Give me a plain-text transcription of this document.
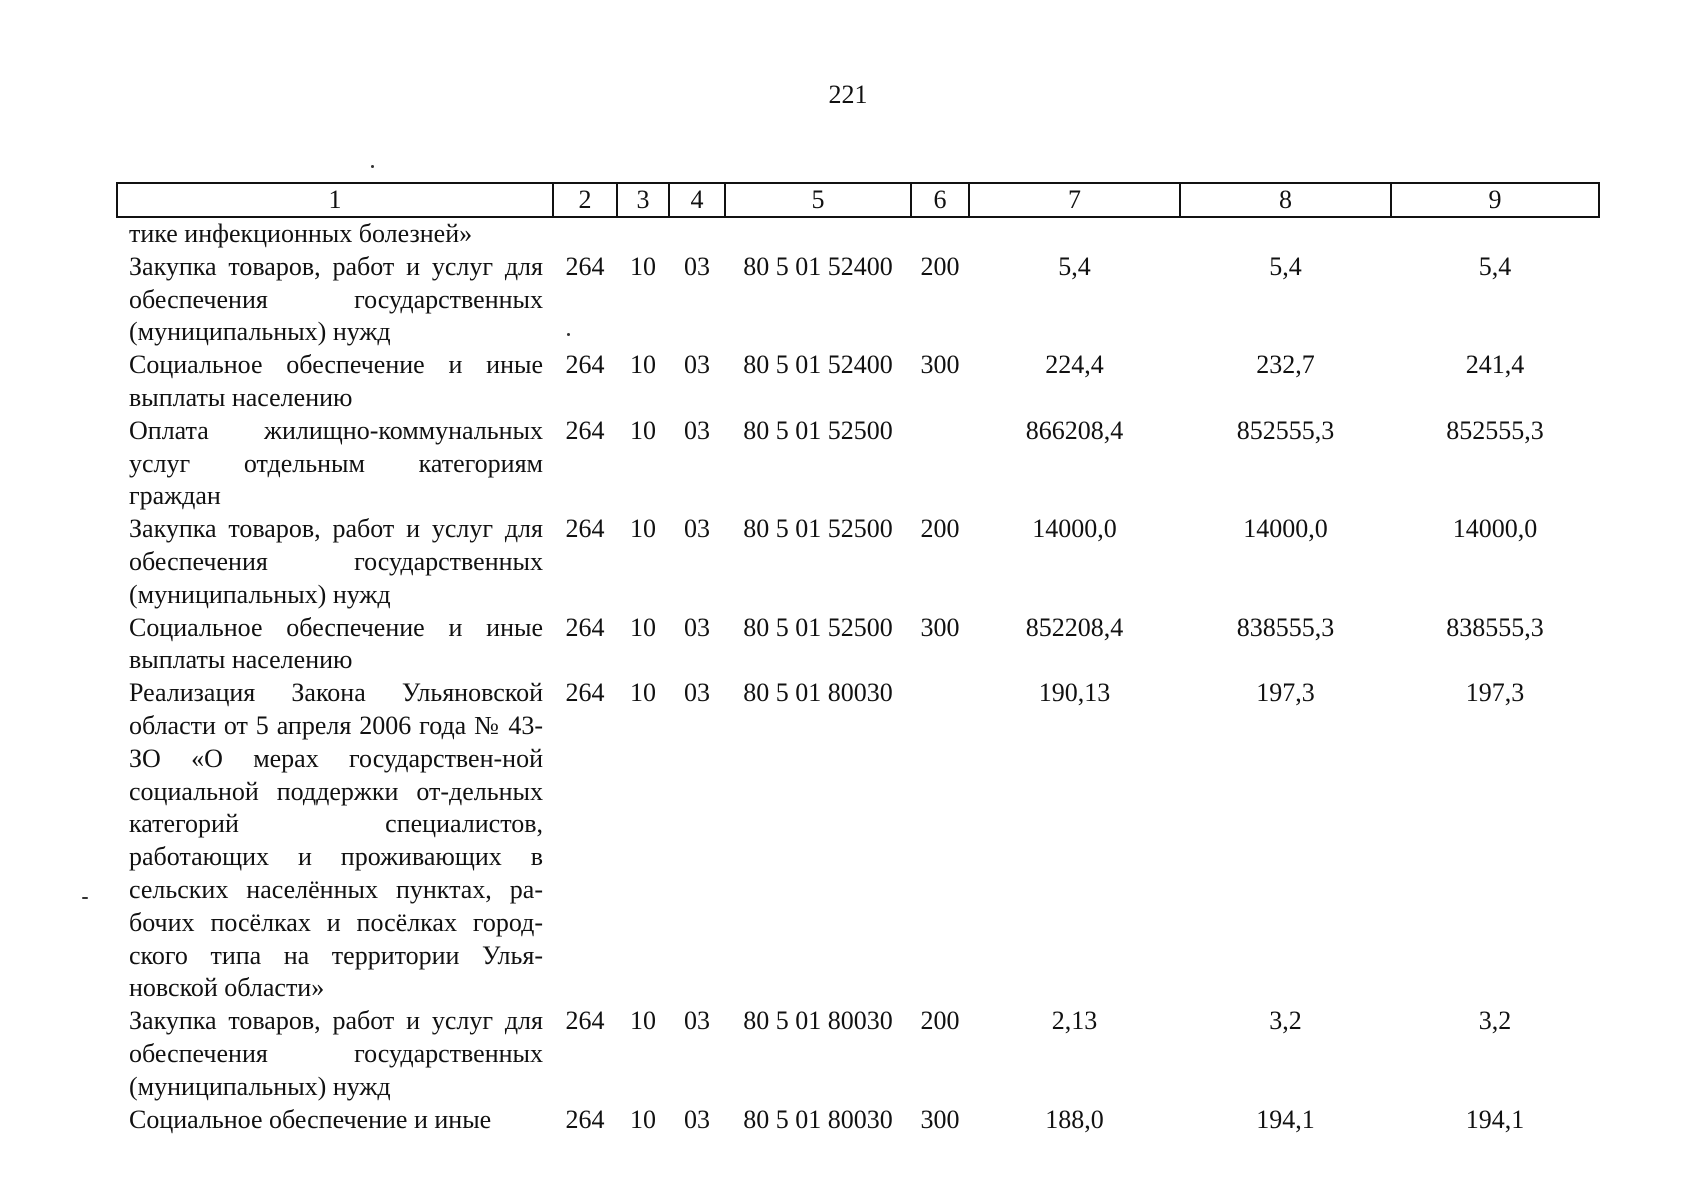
221
1	2	3	4	5	6	7	8	9
тике инфекционных болезней»								
Закупка товаров, работ и услуг для обеспечения государственных (муниципальных) нужд	264	10	03	80 5 01 52400	200	5,4	5,4	5,4
Социальное обеспечение и иные выплаты населению	264	10	03	80 5 01 52400	300	224,4	232,7	241,4
Оплата жилищно-коммунальных услуг отдельным категориям граждан	264	10	03	80 5 01 52500		866208,4	852555,3	852555,3
Закупка товаров, работ и услуг для обеспечения государственных (муниципальных) нужд	264	10	03	80 5 01 52500	200	14000,0	14000,0	14000,0
Социальное обеспечение и иные выплаты населению	264	10	03	80 5 01 52500	300	852208,4	838555,3	838555,3
Реализация Закона Ульяновской области от 5 апреля 2006 года № 43-ЗО «О мерах государствен-ной социальной поддержки от-дельных категорий специалистов, работающих и проживающих в сельских населённых пунктах, ра-бочих посёлках и посёлках город-ского типа на территории Улья-новской области»	264	10	03	80 5 01 80030		190,13	197,3	197,3
Закупка товаров, работ и услуг для обеспечения государственных (муниципальных) нужд	264	10	03	80 5 01 80030	200	2,13	3,2	3,2
Социальное обеспечение и иные	264	10	03	80 5 01 80030	300	188,0	194,1	194,1
